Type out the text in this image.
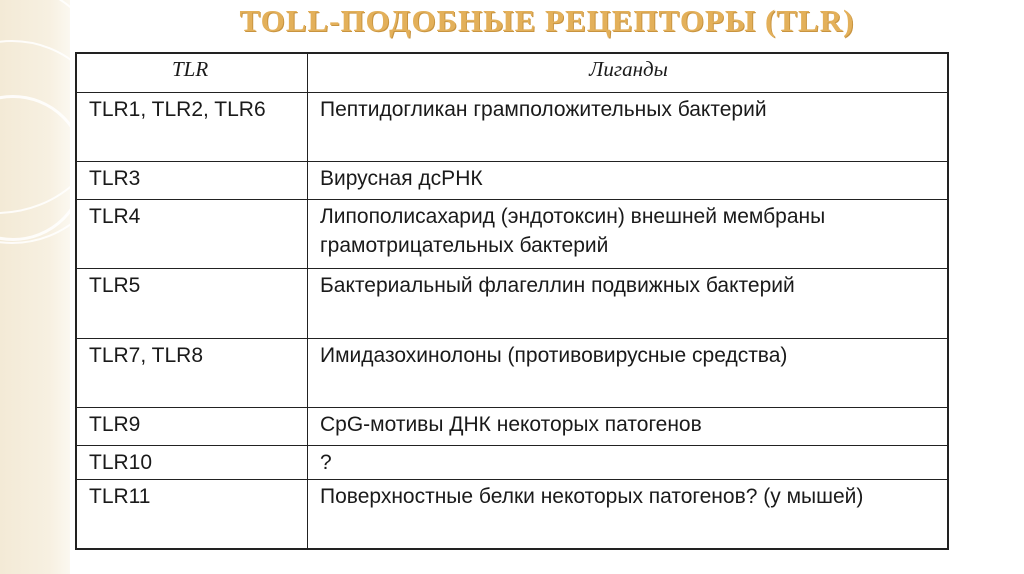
TOLL-ПОДОБНЫЕ РЕЦЕПТОРЫ (TLR)
TLR	Лиганды
TLR1, TLR2, TLR6	Пептидогликан грамположительных бактерий
TLR3	Вирусная дсРНК
TLR4	Липополисахарид (эндотоксин) внешней мембраны грамотрицательных бактерий
TLR5	Бактериальный флагеллин подвижных бактерий
TLR7, TLR8	Имидазохинолоны (противовирусные средства)
TLR9	CpG-мотивы ДНК некоторых патогенов
TLR10	?
TLR11	Поверхностные белки некоторых патогенов? (у мышей)
